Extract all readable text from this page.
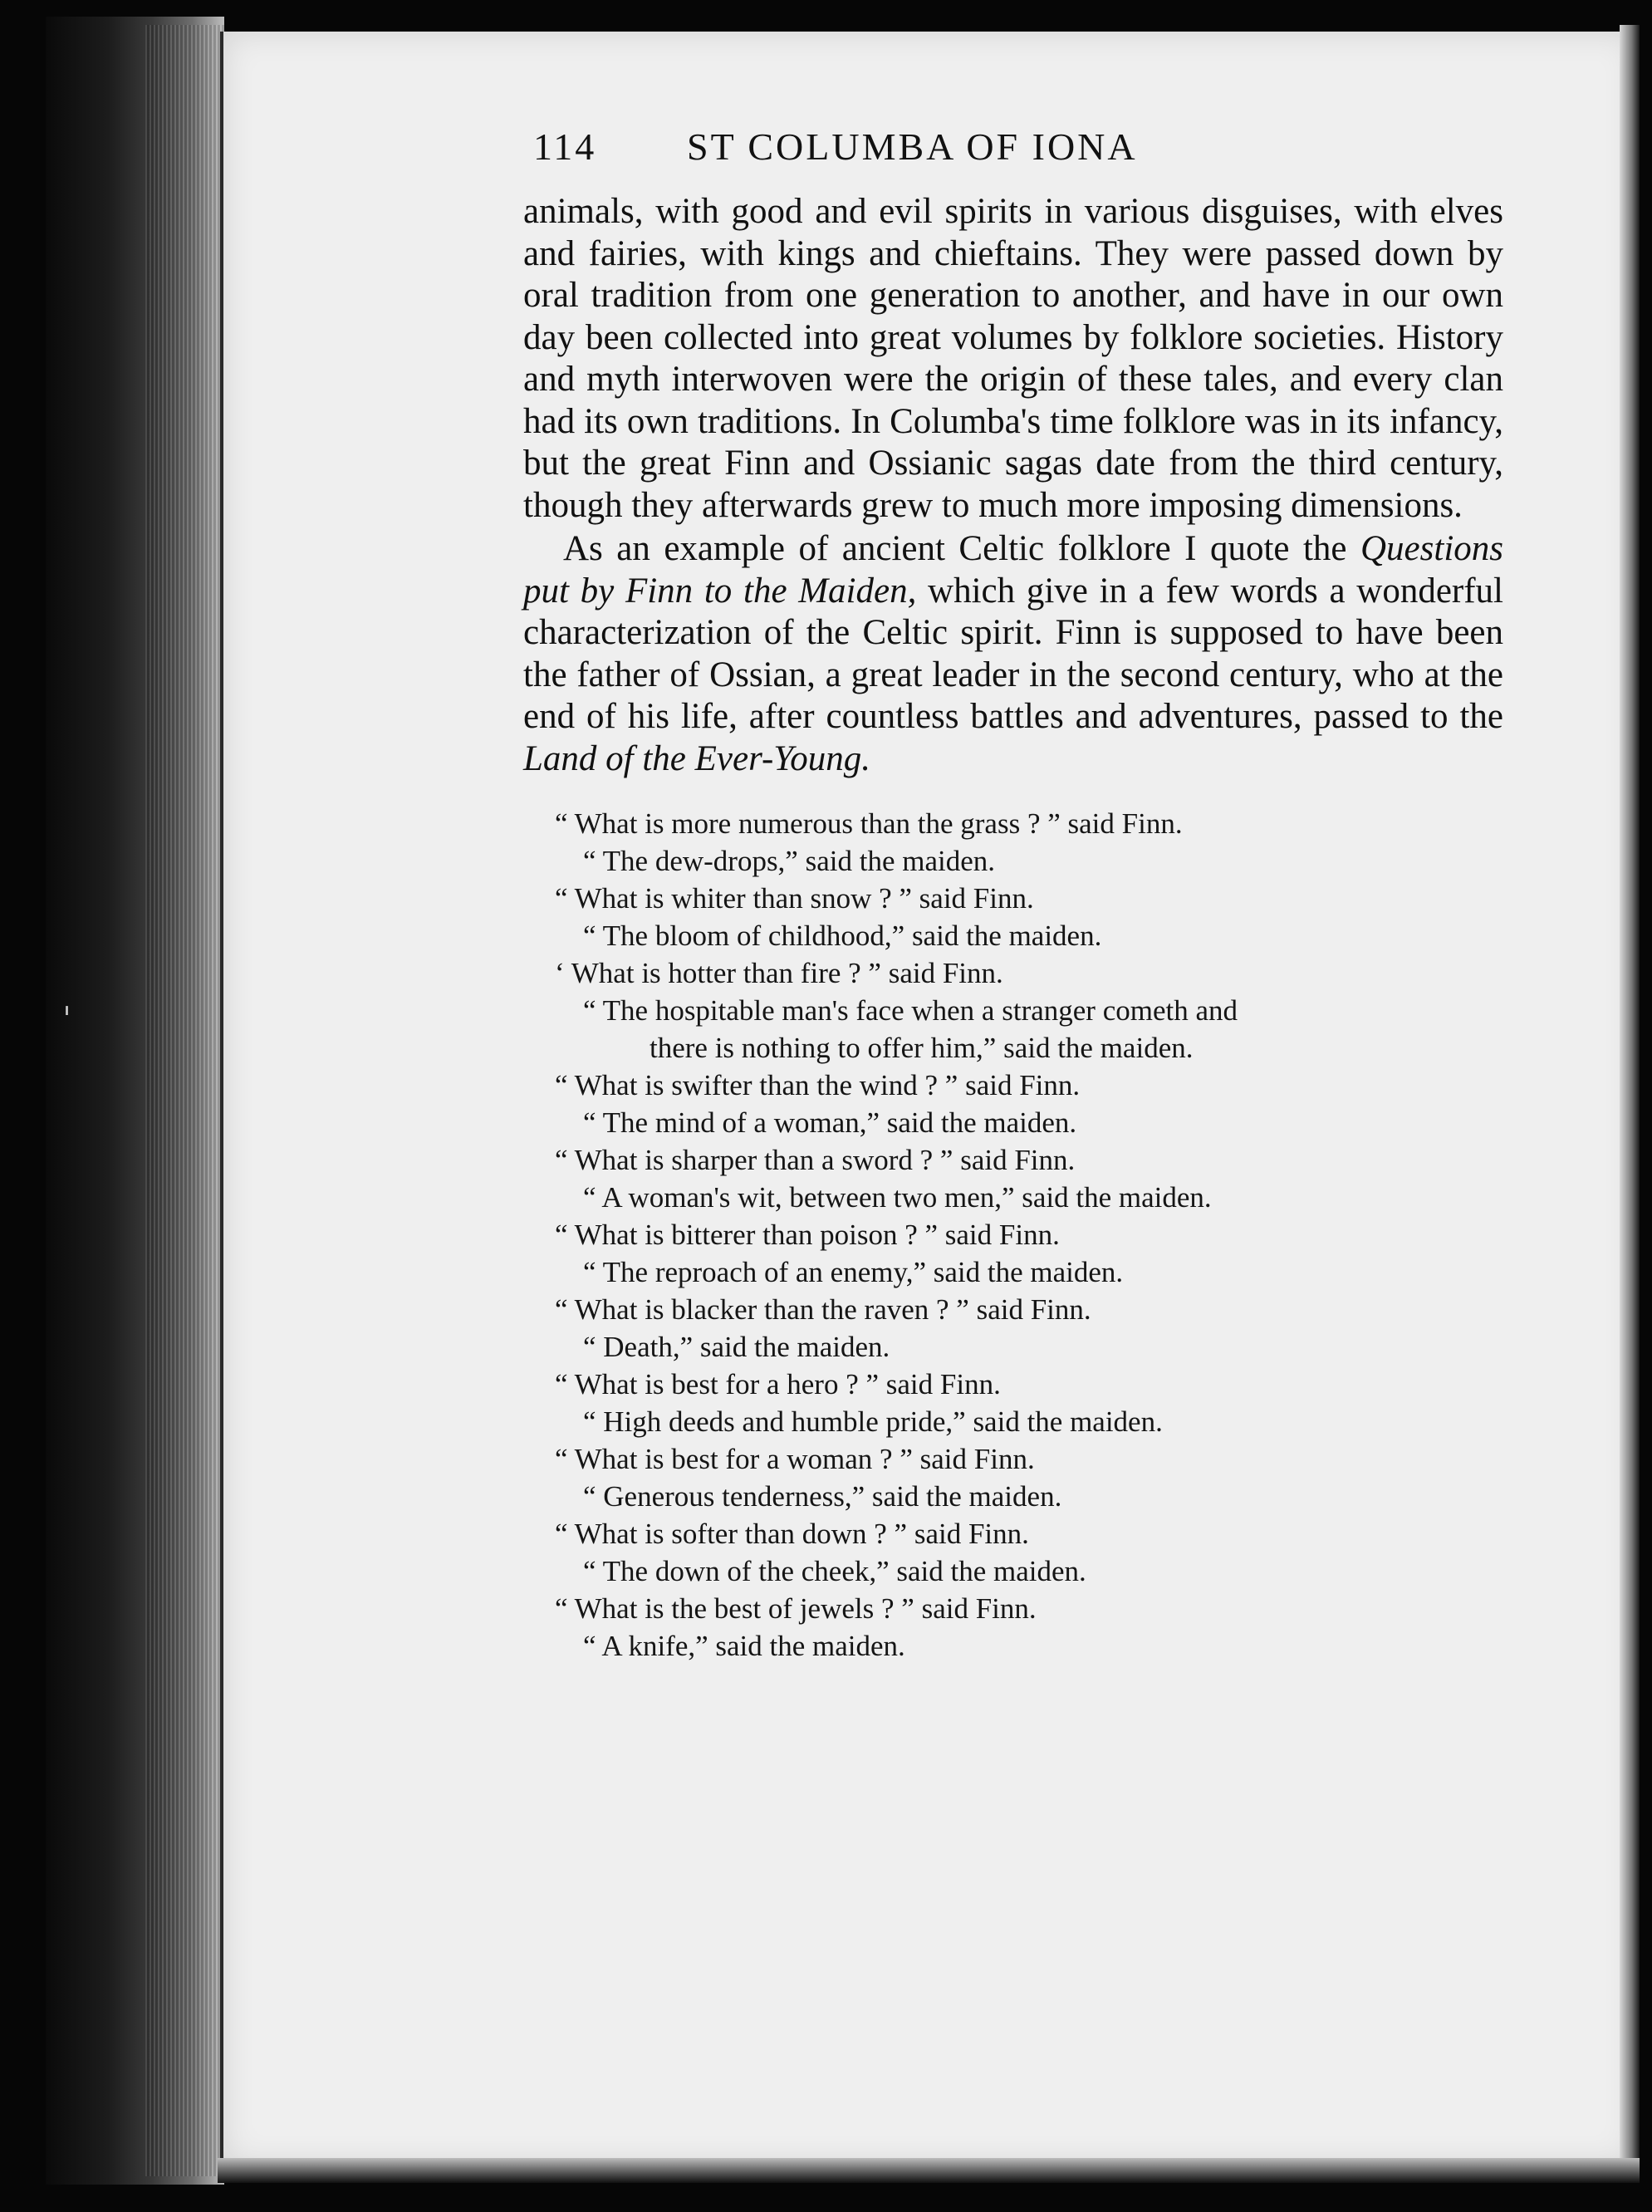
ˌ
114	ST COLUMBA OF IONA

animals, with good and evil spirits in various disguises, with elves and fairies, with kings and chieftains. They were passed down by oral tradition from one generation to another, and have in our own day been collected into great volumes by folklore societies. History and myth interwoven were the origin of these tales, and every clan had its own traditions. In Columba's time folklore was in its infancy, but the great Finn and Ossianic sagas date from the third century, though they afterwards grew to much more imposing dimensions.

As an example of ancient Celtic folklore I quote the Questions put by Finn to the Maiden, which give in a few words a wonderful characterization of the Celtic spirit. Finn is supposed to have been the father of Ossian, a great leader in the second century, who at the end of his life, after countless battles and adventures, passed to the Land of the Ever-Young.

“ What is more numerous than the grass ? ” said Finn.
“ The dew-drops,” said the maiden.
“ What is whiter than snow ? ” said Finn.
“ The bloom of childhood,” said the maiden.
‘ What is hotter than fire ? ” said Finn.
“ The hospitable man's face when a stranger cometh and
there is nothing to offer him,” said the maiden.
“ What is swifter than the wind ? ” said Finn.
“ The mind of a woman,” said the maiden.
“ What is sharper than a sword ? ” said Finn.
“ A woman's wit, between two men,” said the maiden.
“ What is bitterer than poison ? ” said Finn.
“ The reproach of an enemy,” said the maiden.
“ What is blacker than the raven ? ” said Finn.
“ Death,” said the maiden.
“ What is best for a hero ? ” said Finn.
“ High deeds and humble pride,” said the maiden.
“ What is best for a woman ? ” said Finn.
“ Generous tenderness,” said the maiden.
“ What is softer than down ? ” said Finn.
“ The down of the cheek,” said the maiden.
“ What is the best of jewels ? ” said Finn.
“ A knife,” said the maiden.
